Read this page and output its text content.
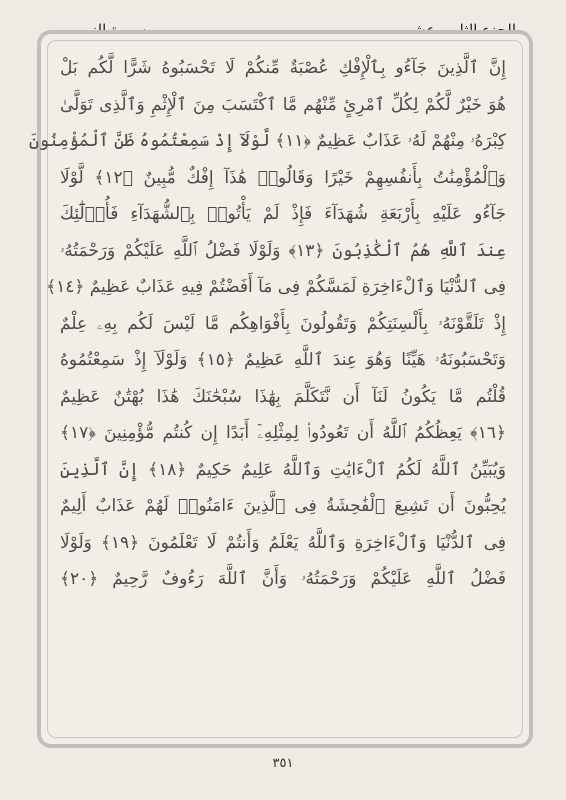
إِنَّ ٱلَّذِينَ جَآءُو بِٱلْإِفْكِ عُصْبَةٌ مِّنكُمْ لَا تَحْسَبُوهُ شَرًّا لَّكُم بَلْ
هُوَ خَيْرٌ لَّكُمْ لِكُلِّ ٱمْرِئٍ مِّنْهُم مَّا ٱكْتَسَبَ مِنَ ٱلْإِثْمِ وَٱلَّذِى تَوَلَّىٰ
كِبْرَهُۥ مِنْهُمْ لَهُۥ عَذَابٌ عَظِيمٌ ﴿١١﴾ لَّوْلَآ إِذْ سَمِعْتُمُوهُ ظَنَّ ٱلْمُؤْمِنُونَ
وَٱلْمُؤْمِنَٰتُ بِأَنفُسِهِمْ خَيْرًا وَقَالُوا۟ هَٰذَآ إِفْكٌ مُّبِينٌ ﴿١٢﴾ لَّوْلَا
جَآءُو عَلَيْهِ بِأَرْبَعَةِ شُهَدَآءَ فَإِذْ لَمْ يَأْتُوا۟ بِٱلشُّهَدَآءِ فَأُو۟لَٰٓئِكَ
عِندَ ٱللَّهِ هُمُ ٱلْكَٰذِبُونَ ﴿١٣﴾ وَلَوْلَا فَضْلُ ٱللَّهِ عَلَيْكُمْ وَرَحْمَتُهُۥ
فِى ٱلدُّنْيَا وَٱلْءَاخِرَةِ لَمَسَّكُمْ فِى مَآ أَفَضْتُمْ فِيهِ عَذَابٌ عَظِيمٌ ﴿١٤﴾
إِذْ تَلَقَّوْنَهُۥ بِأَلْسِنَتِكُمْ وَتَقُولُونَ بِأَفْوَاهِكُم مَّا لَيْسَ لَكُم بِهِۦ عِلْمٌ
وَتَحْسَبُونَهُۥ هَيِّنًا وَهُوَ عِندَ ٱللَّهِ عَظِيمٌ ﴿١٥﴾ وَلَوْلَآ إِذْ سَمِعْتُمُوهُ
قُلْتُم مَّا يَكُونُ لَنَآ أَن نَّتَكَلَّمَ بِهَٰذَا سُبْحَٰنَكَ هَٰذَا بُهْتَٰنٌ عَظِيمٌ
﴿١٦﴾ يَعِظُكُمُ ٱللَّهُ أَن تَعُودُوا۟ لِمِثْلِهِۦٓ أَبَدًا إِن كُنتُم مُّؤْمِنِينَ ﴿١٧﴾
وَيُبَيِّنُ ٱللَّهُ لَكُمُ ٱلْءَايَٰتِ وَٱللَّهُ عَلِيمٌ حَكِيمٌ ﴿١٨﴾ إِنَّ ٱلَّذِينَ
يُحِبُّونَ أَن تَشِيعَ ٱلْفَٰحِشَةُ فِى ٱلَّذِينَ ءَامَنُوا۟ لَهُمْ عَذَابٌ أَلِيمٌ
فِى ٱلدُّنْيَا وَٱلْءَاخِرَةِ وَٱللَّهُ يَعْلَمُ وَأَنتُمْ لَا تَعْلَمُونَ ﴿١٩﴾ وَلَوْلَا
فَضْلُ ٱللَّهِ عَلَيْكُمْ وَرَحْمَتُهُۥ وَأَنَّ ٱللَّهَ رَءُوفٌ رَّحِيمٌ ﴿٢٠﴾
٣٥١
